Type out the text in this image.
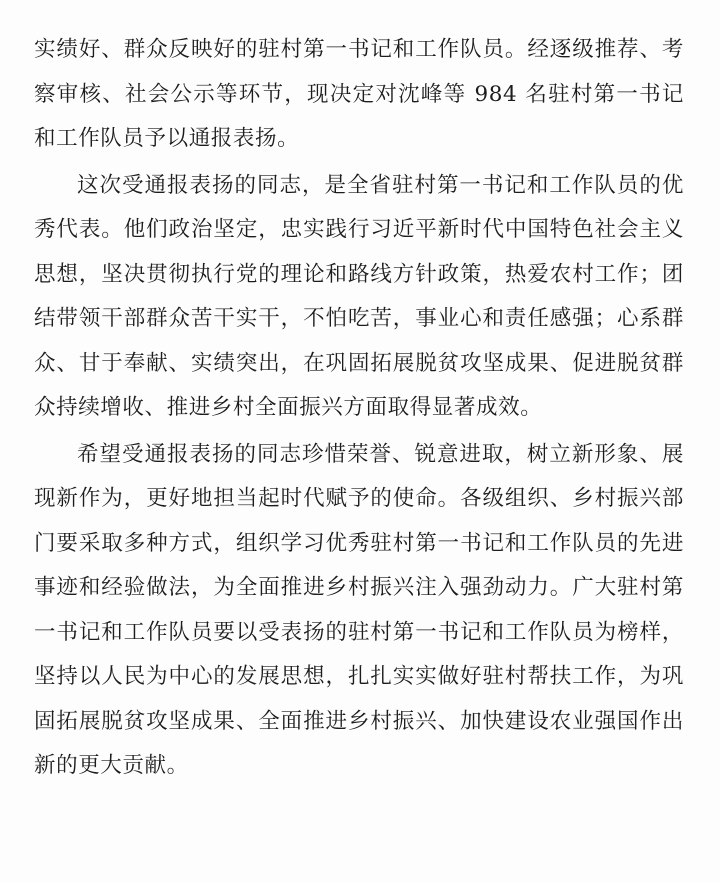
实绩好、群众反映好的驻村第一书记和工作队员。经逐级推荐、考察审核、社会公示等环节，现决定对沈峰等 984 名驻村第一书记和工作队员予以通报表扬。

这次受通报表扬的同志，是全省驻村第一书记和工作队员的优秀代表。他们政治坚定，忠实践行习近平新时代中国特色社会主义思想，坚决贯彻执行党的理论和路线方针政策，热爱农村工作；团结带领干部群众苦干实干，不怕吃苦，事业心和责任感强；心系群众、甘于奉献、实绩突出，在巩固拓展脱贫攻坚成果、促进脱贫群众持续增收、推进乡村全面振兴方面取得显著成效。

希望受通报表扬的同志珍惜荣誉、锐意进取，树立新形象、展现新作为，更好地担当起时代赋予的使命。各级组织、乡村振兴部门要采取多种方式，组织学习优秀驻村第一书记和工作队员的先进事迹和经验做法，为全面推进乡村振兴注入强劲动力。广大驻村第一书记和工作队员要以受表扬的驻村第一书记和工作队员为榜样，坚持以人民为中心的发展思想，扎扎实实做好驻村帮扶工作，为巩固拓展脱贫攻坚成果、全面推进乡村振兴、加快建设农业强国作出新的更大贡献。
